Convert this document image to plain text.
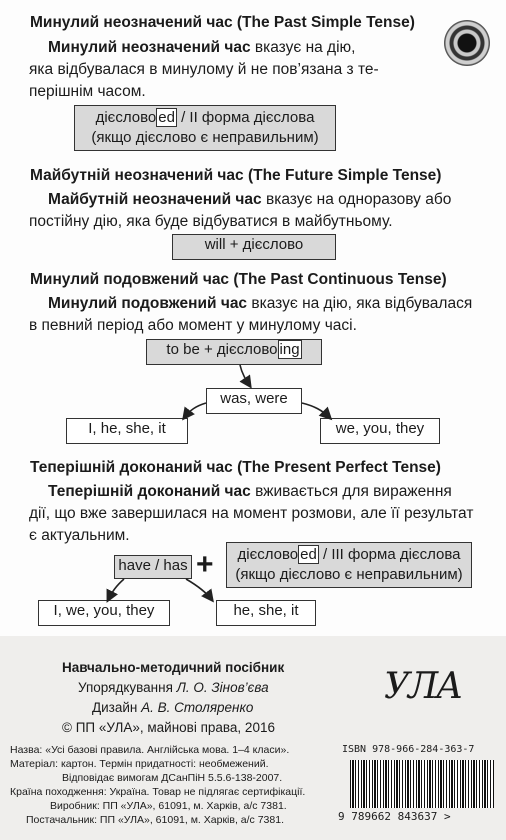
Минулий неозначений час (The Past Simple Tense)
Минулий неозначений час вказує на дію,
яка відбувалася в минулому й не пов’язана з те-
перішнім часом.
дієслово ed / II форма дієслова
(якщо дієслово є неправильним)
Майбутній неозначений час (The Future Simple Tense)
Майбутній неозначений час вказує на одноразову або
постійну дію, яка буде відбуватися в майбутньому.
will + дієслово
Минулий подовжений час (The Past Continuous Tense)
Минулий подовжений час вказує на дію, яка відбувалася
в певний період або момент у минулому часі.
to be + дієслово ing
was, were
I, he, she, it	we, you, they
Теперішній доконаний час (The Present Perfect Tense)
Теперішній доконаний час вживається для вираження
дії, що вже завершилася на момент розмови, але її результат
є актуальним.
have / has +	дієслово ed / III форма дієслова
(якщо дієслово є неправильним)
I, we, you, they	he, she, it
Навчально-методичний посібник
Упорядкування Л. О. Зінов’єва
Дизайн А. В. Столяренко
© ПП «УЛА», майнові права, 2016
УЛА
Назва: «Усі базові правила. Англійська мова. 1–4 класи».
Матеріал: картон. Термін придатності: необмежений.
Відповідає вимогам ДСанПіН 5.5.6-138-2007.
Країна походження: Україна. Товар не підлягає сертифікації.
Виробник: ПП «УЛА», 61091, м. Харків, а/с 7381.
Постачальник: ПП «УЛА», 61091, м. Харків, а/с 7381.
ISBN 978-966-284-363-7
9 789662 843637 >
